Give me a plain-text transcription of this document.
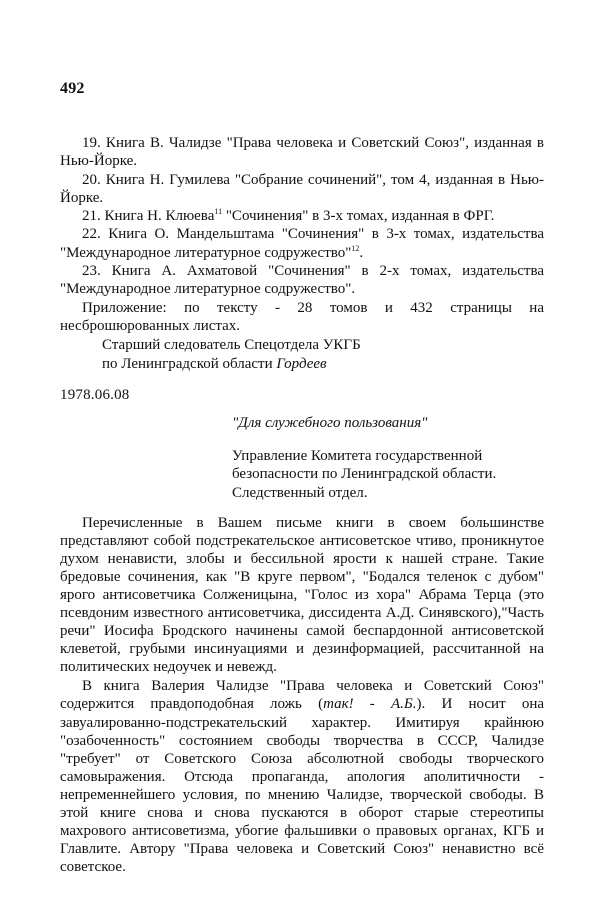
492

19. Книга В. Чалидзе "Права человека и Советский Союз", изданная в Нью-Йорке.

20. Книга Н. Гумилева "Собрание сочинений", том 4, изданная в Нью-Йорке.

21. Книга Н. Клюева$^{11}$ "Сочинения" в 3-х томах, изданная в ФРГ.

22. Книга О. Мандельштама "Сочинения" в 3-х томах, издательства "Международное литературное содружество"$^{12}$.

23. Книга А. Ахматовой "Сочинения" в 2-х томах, издательства "Международное литературное содружество".

Приложение: по тексту - 28 томов и 432 страницы на несброшюрованных листах.

Старший следователь Спецотдела УКГБ
по Ленинградской области Гордеев
1978.06.08
"Для служебного пользования"
Управление Комитета государственной
безопасности по Ленинградской области.
Следственный отдел.

Перечисленные в Вашем письме книги в своем большинстве представляют собой подстрекательское антисоветское чтиво, проникнутое духом ненависти, злобы и бессильной ярости к нашей стране. Такие бредовые сочинения, как "В круге первом", "Бодался теленок с дубом" ярого антисоветчика Солженицына, "Голос из хора" Абрама Терца (это псевдоним известного антисоветчика, диссидента А.Д. Синявского),"Часть речи" Иосифа Бродского начинены самой беспардонной антисоветской клеветой, грубыми инсинуациями и дезинформацией, рассчитанной на политических недоучек и невежд.

В книга Валерия Чалидзе "Права человека и Советский Союз" содержится правдоподобная ложь (так! - А.Б.). И носит она завуалированно-подстрекательский характер. Имитируя крайнюю "озабоченность" состоянием свободы творчества в СССР, Чалидзе "требует" от Советского Союза абсолютной свободы творческого самовыражения. Отсюда пропаганда, апология аполитичности - непременнейшего условия, по мнению Чалидзе, творческой свободы. В этой книге снова и снова пускаются в оборот старые стереотипы махрового антисоветизма, убогие фальшивки о правовых органах, КГБ и Главлите. Автору "Права человека и Советский Союз" ненавистно всё советское.
